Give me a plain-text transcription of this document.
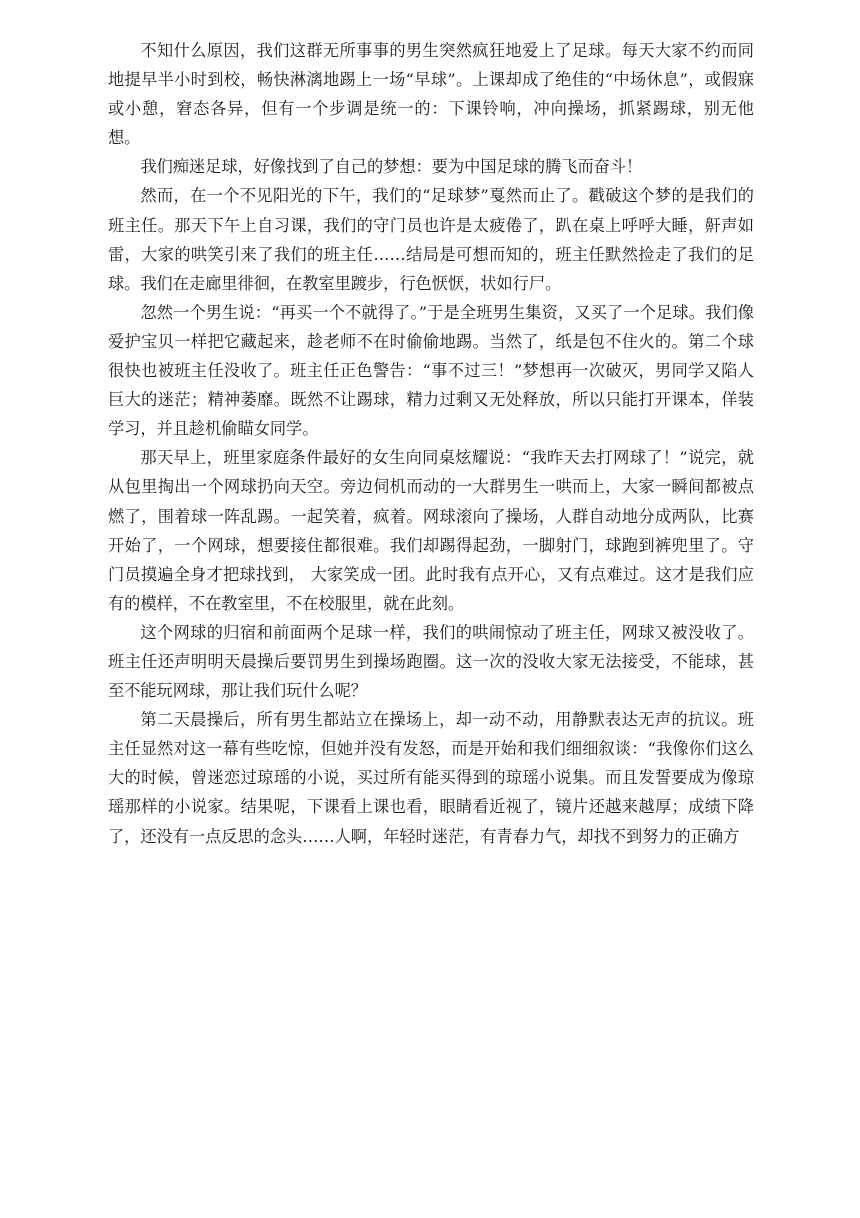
不知什么原因，我们这群无所事事的男生突然疯狂地爱上了足球。每天大家不约而同地提早半小时到校，畅快淋漓地踢上一场“早球”。上课却成了绝佳的“中场休息”，或假寐或小憩，窘态各异，但有一个步调是统一的：下课铃响，冲向操场，抓紧踢球，别无他想。

我们痴迷足球，好像找到了自己的梦想：要为中国足球的腾飞而奋斗！

然而，在一个不见阳光的下午，我们的“足球梦”戛然而止了。戳破这个梦的是我们的班主任。那天下午上自习课，我们的守门员也许是太疲倦了，趴在桌上呼呼大睡，鼾声如雷，大家的哄笑引来了我们的班主任……结局是可想而知的，班主任默然捡走了我们的足球。我们在走廊里徘徊，在教室里踱步，行色恹恹，状如行尸。

忽然一个男生说：“再买一个不就得了。”于是全班男生集资，又买了一个足球。我们像爱护宝贝一样把它藏起来，趁老师不在时偷偷地踢。当然了，纸是包不住火的。第二个球很快也被班主任没收了。班主任正色警告：“事不过三！”梦想再一次破灭，男同学又陷人巨大的迷茫；精神萎靡。既然不让踢球，精力过剩又无处释放，所以只能打开课本，佯装学习，并且趁机偷瞄女同学。

那天早上，班里家庭条件最好的女生向同桌炫耀说：“我昨天去打网球了！”说完，就从包里掏出一个网球扔向天空。旁边伺机而动的一大群男生一哄而上，大家一瞬间都被点燃了，围着球一阵乱踢。一起笑着，疯着。网球滚向了操场，人群自动地分成两队，比赛开始了，一个网球，想要接住都很难。我们却踢得起劲，一脚射门，球跑到裤兜里了。守门员摸遍全身才把球找到， 大家笑成一团。此时我有点开心，又有点难过。这才是我们应有的模样，不在教室里，不在校服里，就在此刻。

这个网球的归宿和前面两个足球一样，我们的哄闹惊动了班主任，网球又被没收了。班主任还声明明天晨操后要罚男生到操场跑圈。这一次的没收大家无法接受，不能球，甚至不能玩网球，那让我们玩什么呢？

第二天晨操后，所有男生都站立在操场上，却一动不动，用静默表达无声的抗议。班主任显然对这一幕有些吃惊，但她并没有发怒，而是开始和我们细细叙谈：“我像你们这么大的时候，曾迷恋过琼瑶的小说，买过所有能买得到的琼瑶小说集。而且发誓要成为像琼瑶那样的小说家。结果呢，下课看上课也看，眼睛看近视了，镜片还越来越厚；成绩下降了，还没有一点反思的念头……人啊，年轻时迷茫，有青春力气，却找不到努力的正确方
